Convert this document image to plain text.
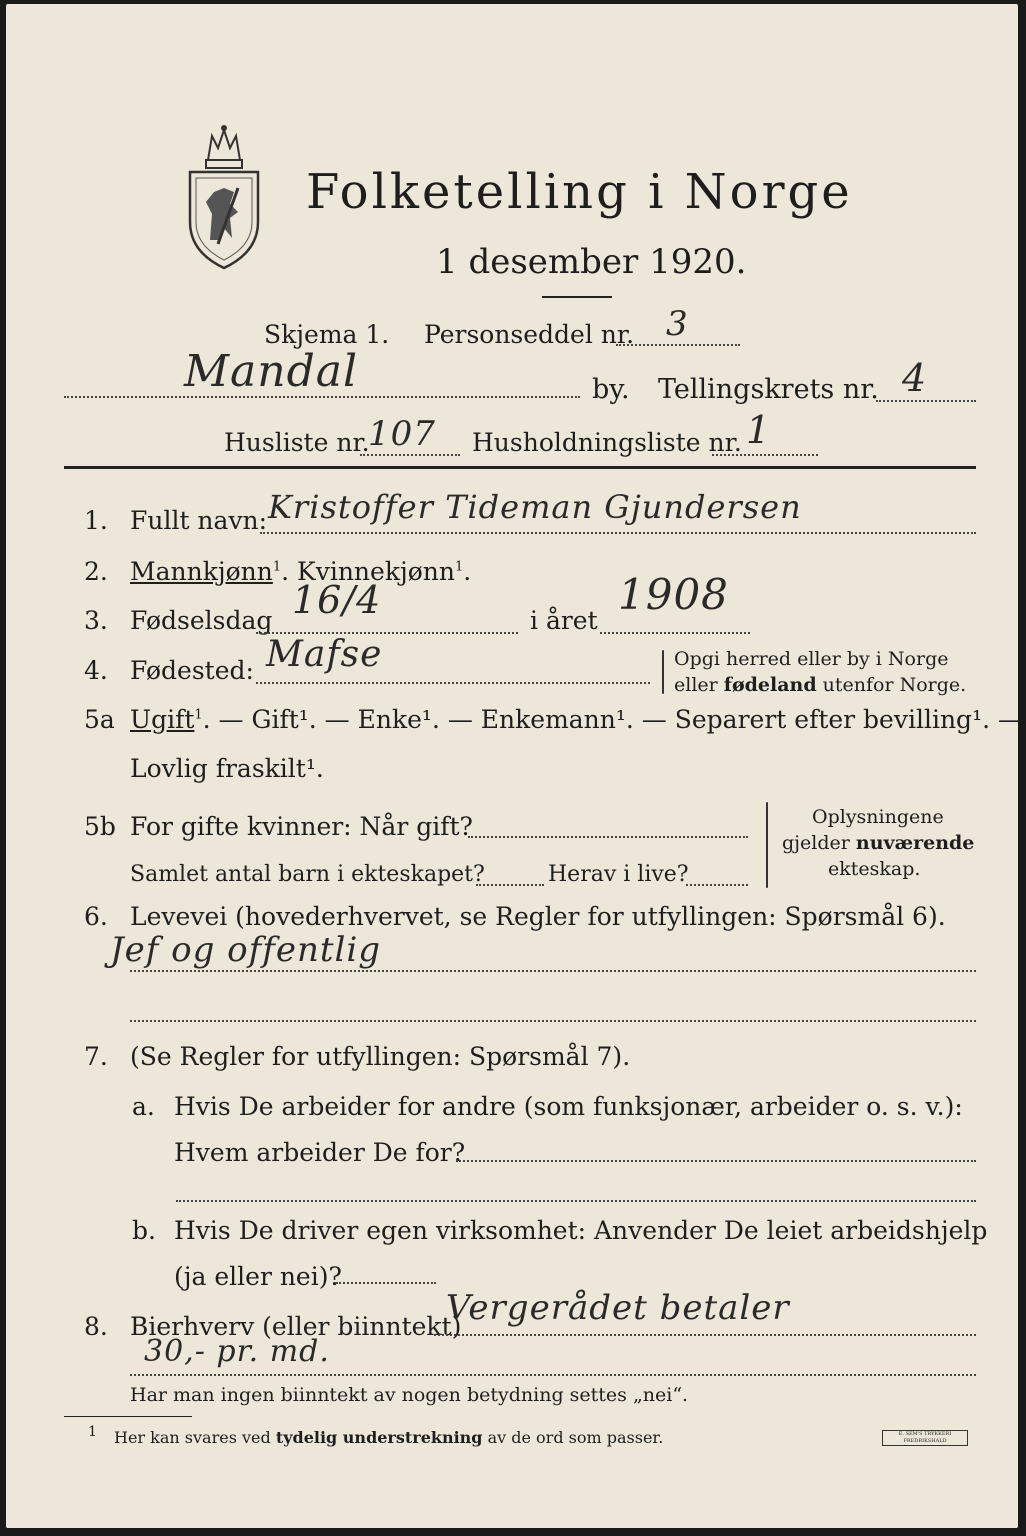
Folketelling i Norge
1 desember 1920.
Skjema 1. Personseddel nr. 3
Mandal	by. Tellingskrets nr. 4
Husliste nr.
107 Husholdningsliste nr. 1
1. Fullt navn: Kristoffer Tideman Gjundersen
2. Mannkjønn$^1$. Kvinnekjønn$^1$.
3. Fødselsdag 16/4	i året
1908
4. Fødested: Mafse	Opgi herred eller by i Norge
eller fødeland utenfor Norge.
5a Ugift$^1$. — Gift¹. — Enke¹. — Enkemann¹. — Separert efter bevilling¹. —
Lovlig fraskilt¹.
5b For gifte kvinner: Når gift?
Samlet antal barn i ekteskapet?	Herav i live?
Oplysningene
gjelder nuværende
ekteskap.
6. Levevei (hovederhvervet, se Regler for utfyllingen: Spørsmål 6).
Jef og offentlig
7. (Se Regler for utfyllingen: Spørsmål 7).
a. Hvis De arbeider for andre (som funksjonær, arbeider o. s. v.):
Hvem arbeider De for?
b. Hvis De driver egen virksomhet: Anvender De leiet arbeidshjelp
(ja eller nei)?
8. Bierhverv (eller biinntekt)
Vergerådet betaler
30,- pr. md.
Har man ingen biinntekt av nogen betydning settes „nei“.
1 Her kan svares ved tydelig understrekning av de ord som passer.	E. SEM'S TRYKKERI FREDRIKSHALD
